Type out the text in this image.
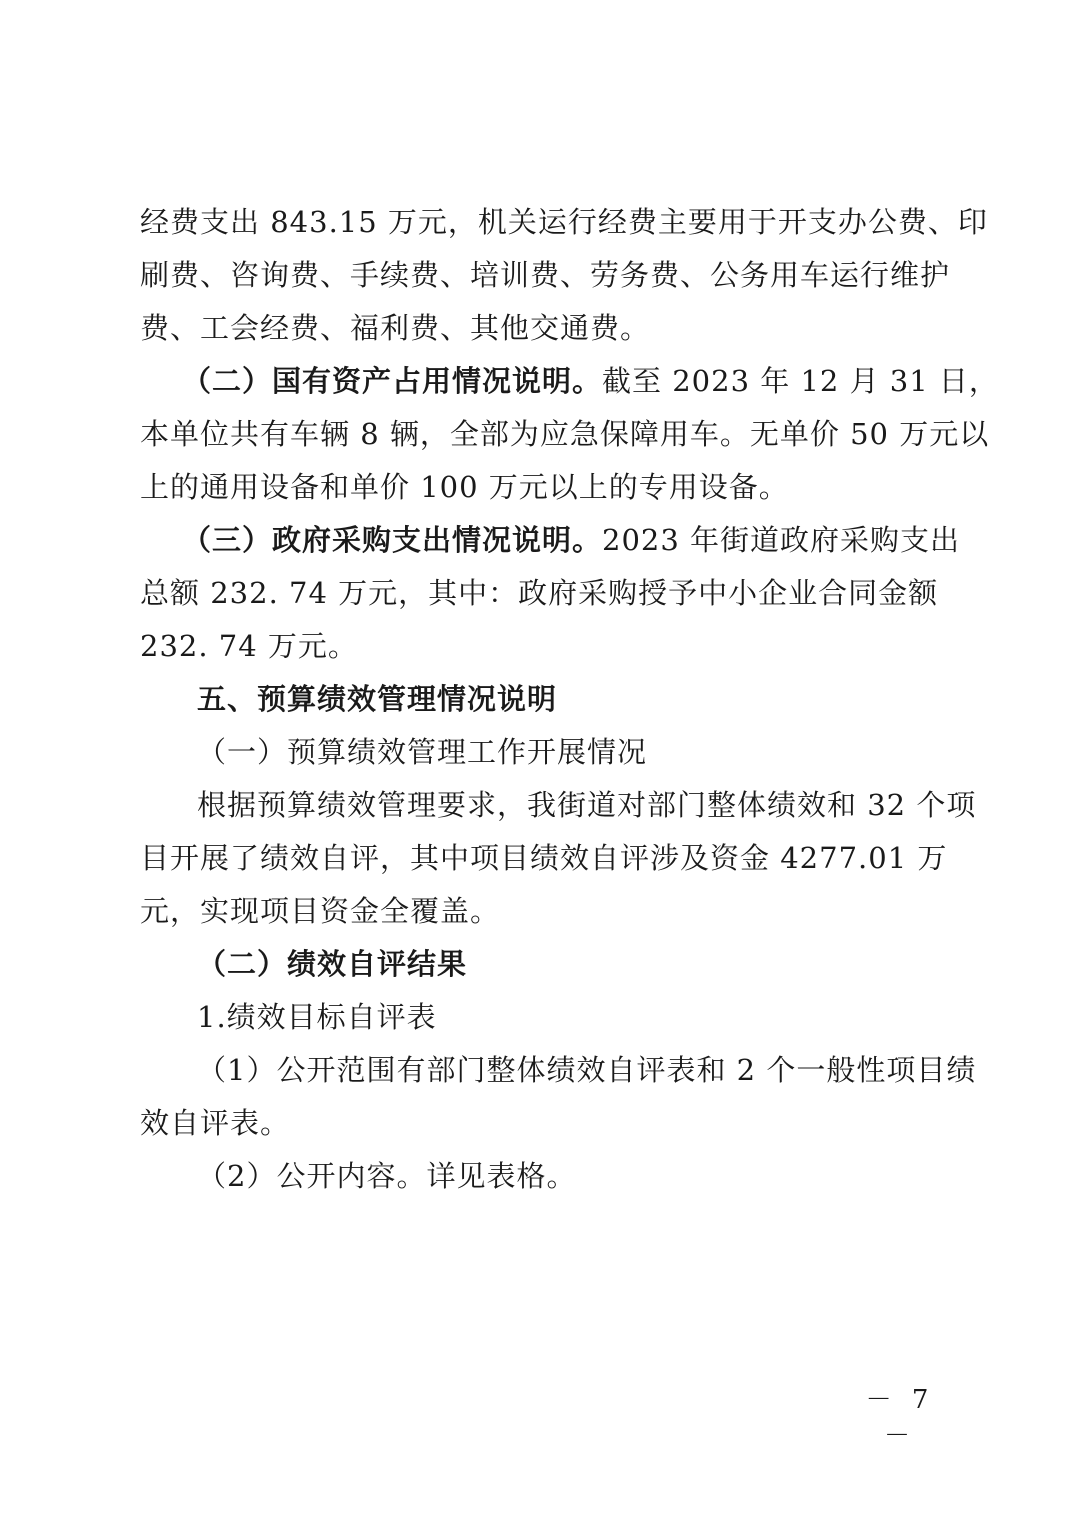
经费支出 843.15 万元，机关运行经费主要用于开支办公费、印
刷费、咨询费、手续费、培训费、劳务费、公务用车运行维护
费、工会经费、福利费、其他交通费。
（二）国有资产占用情况说明。截至 2023 年 12 月 31 日，
本单位共有车辆 8 辆，全部为应急保障用车。无单价 50 万元以
上的通用设备和单价 100 万元以上的专用设备。
（三）政府采购支出情况说明。2023 年街道政府采购支出
总额 232. 74 万元，其中：政府采购授予中小企业合同金额
232. 74 万元。
五、预算绩效管理情况说明
（一）预算绩效管理工作开展情况
根据预算绩效管理要求，我街道对部门整体绩效和 32 个项
目开展了绩效自评，其中项目绩效自评涉及资金 4277.01 万
元，实现项目资金全覆盖。
（二）绩效自评结果
1.绩效目标自评表
（1）公开范围有部门整体绩效自评表和 2 个一般性项目绩
效自评表。
（2）公开内容。详见表格。
－ 7 －
